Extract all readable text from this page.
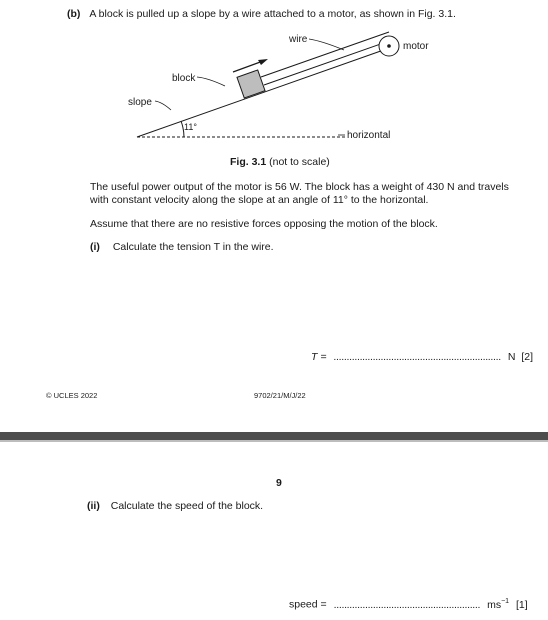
(b) A block is pulled up a slope by a wire attached to a motor, as shown in Fig. 3.1.
wire
motor
block
slope
11°
horizontal
Fig. 3.1 (not to scale)
The useful power output of the motor is 56 W. The block has a weight of 430 N and travels with constant velocity along the slope at an angle of 11° to the horizontal.
Assume that there are no resistive forces opposing the motion of the block.
(i) Calculate the tension T in the wire.
T = ................................................................ N [2]
© UCLES 2022	9702/21/M/J/22
9
(ii) Calculate the speed of the block.
speed = ........................................................ $ms^{-1}$ [1]
